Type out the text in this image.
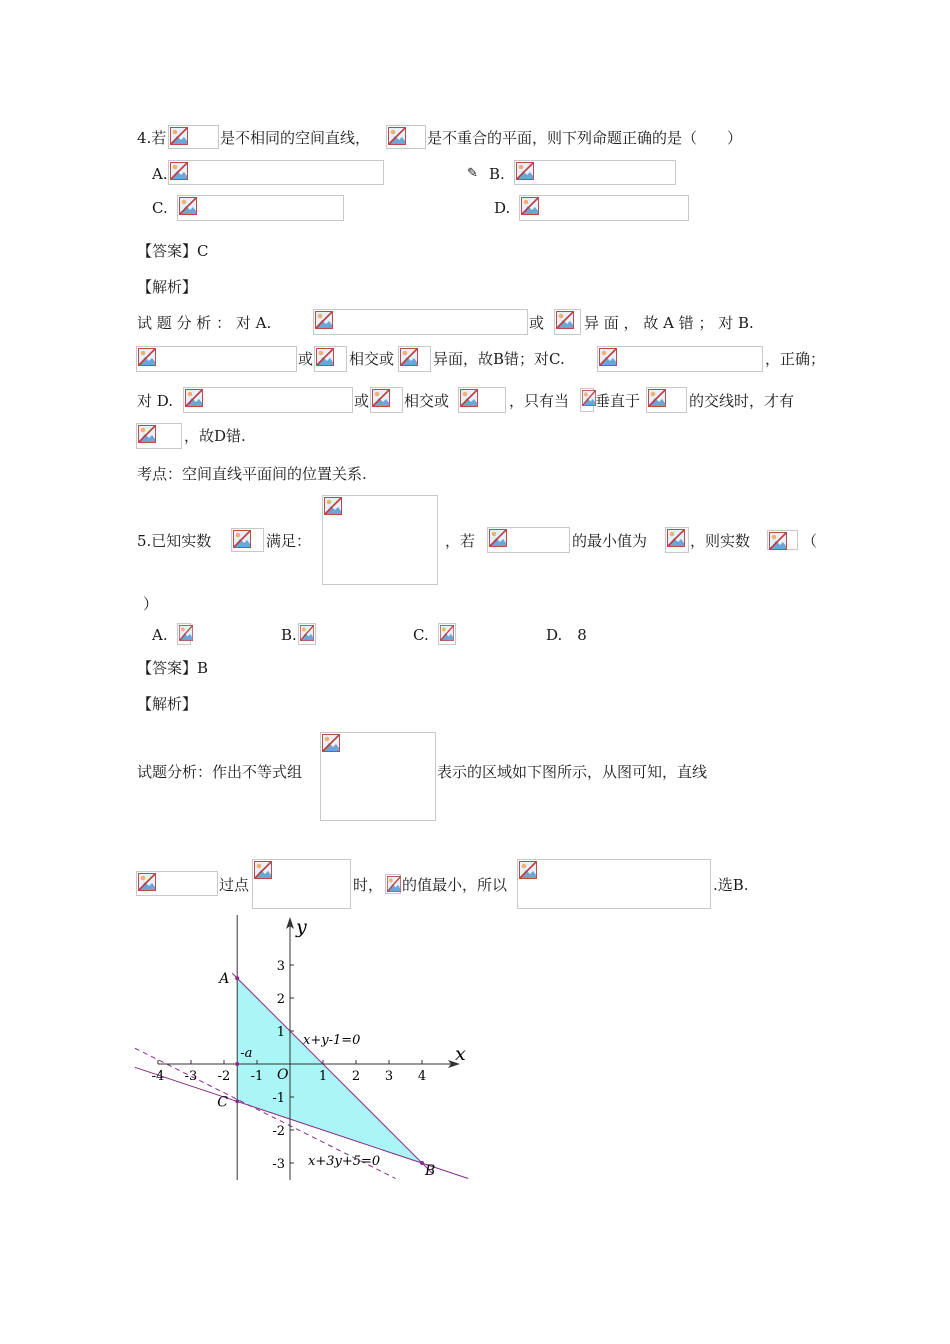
4.若	是不相同的空间直线，	是不重合的平面，则下列命题正确的是（　　）
A.	✎ B.
C.	D.
【答案】C
【解析】
试 题 分 析 ： 对 A.	或	异 面 ， 故 A 错 ； 对 B.
或 相交或	异面，故B错；对C.	，正确；
对 D.	或 相交或	，只有当 垂直于	的交线时，才有
，故D错.
考点：空间直线平面间的位置关系.
5.已知实数	满足：	，若	的最小值为	，则实数	（
）
A.	B.	C.	D.　8
【答案】B
【解析】
试题分析：作出不等式组	表示的区域如下图所示，从图可知，直线
过点	时， 的值最小，所以	.选B.
-4 -3 -2 -1	1 2 3 4
3
2
1
-1
-2
-3
x
y
O
A
B
C
-a
x+y-1=0
x+3y+5=0
